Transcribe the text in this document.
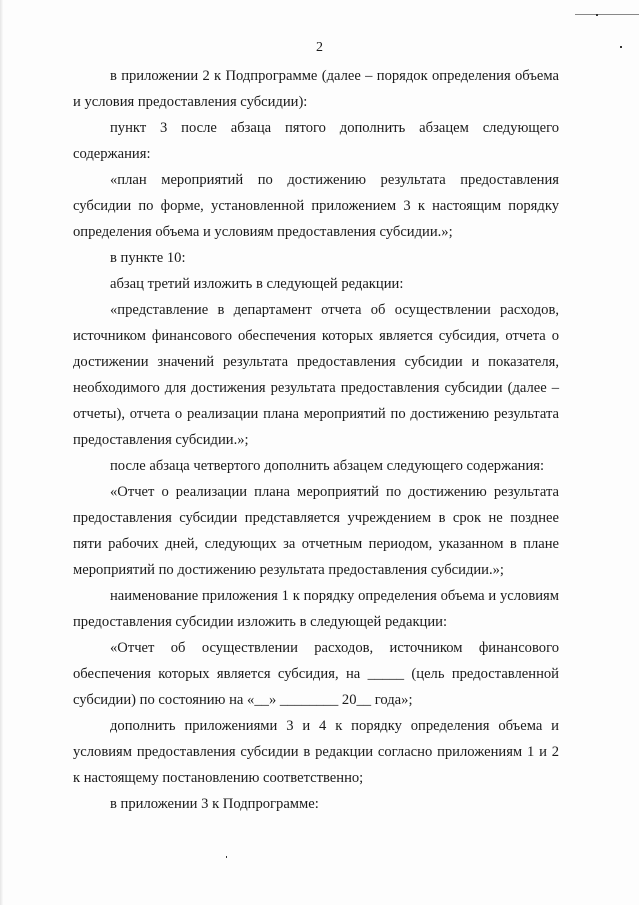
2

в приложении 2 к Подпрограмме (далее – порядок определения объема и условия предоставления субсидии):

пункт 3 после абзаца пятого дополнить абзацем следующего содержания:

«план мероприятий по достижению результата предоставления субсидии по форме, установленной приложением 3 к настоящим порядку определения объема и условиям предоставления субсидии.»;

в пункте 10:

абзац третий изложить в следующей редакции:

«представление в департамент отчета об осуществлении расходов, источником финансового обеспечения которых является субсидия, отчета о достижении значений результата предоставления субсидии и показателя, необходимого для достижения результата предоставления субсидии (далее – отчеты), отчета о реализации плана мероприятий по достижению результата предоставления субсидии.»;

после абзаца четвертого дополнить абзацем следующего содержания:

«Отчет о реализации плана мероприятий по достижению результата предоставления субсидии представляется учреждением в срок не позднее пяти рабочих дней, следующих за отчетным периодом, указанном в плане мероприятий по достижению результата предоставления субсидии.»;

наименование приложения 1 к порядку определения объема и условиям предоставления субсидии изложить в следующей редакции:

«Отчет об осуществлении расходов, источником финансового обеспечения которых является субсидия, на _____ (цель предоставленной субсидии) по состоянию на «__» ________ 20__ года»;

дополнить приложениями 3 и 4 к порядку определения объема и условиям предоставления субсидии в редакции согласно приложениям 1 и 2 к настоящему постановлению соответственно;

в приложении 3 к Подпрограмме:
